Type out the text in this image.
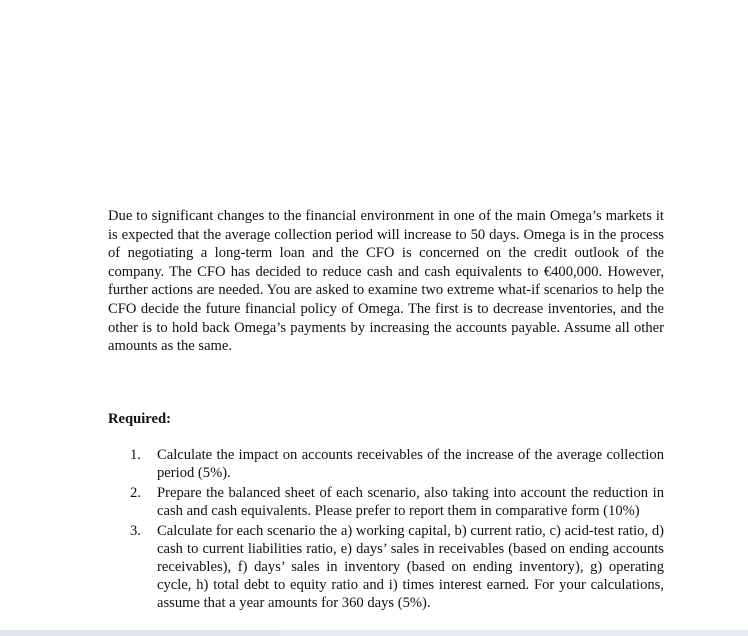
Due to significant changes to the financial environment in one of the main Omega’s markets it is expected that the average collection period will increase to 50 days. Omega is in the process of negotiating a long-term loan and the CFO is concerned on the credit outlook of the company. The CFO has decided to reduce cash and cash equivalents to €400,000. However, further actions are needed. You are asked to examine two extreme what-if scenarios to help the CFO decide the future financial policy of Omega. The first is to decrease inventories, and the other is to hold back Omega’s payments by increasing the accounts payable. Assume all other amounts as the same.

Required:
1. Calculate the impact on accounts receivables of the increase of the average collection period (5%).
2. Prepare the balanced sheet of each scenario, also taking into account the reduction in cash and cash equivalents. Please prefer to report them in comparative form (10%)
3. Calculate for each scenario the a) working capital, b) current ratio, c) acid-test ratio, d) cash to current liabilities ratio, e) days’ sales in receivables (based on ending accounts receivables), f) days’ sales in inventory (based on ending inventory), g) operating cycle, h) total debt to equity ratio and i) times interest earned. For your calculations, assume that a year amounts for 360 days (5%).
